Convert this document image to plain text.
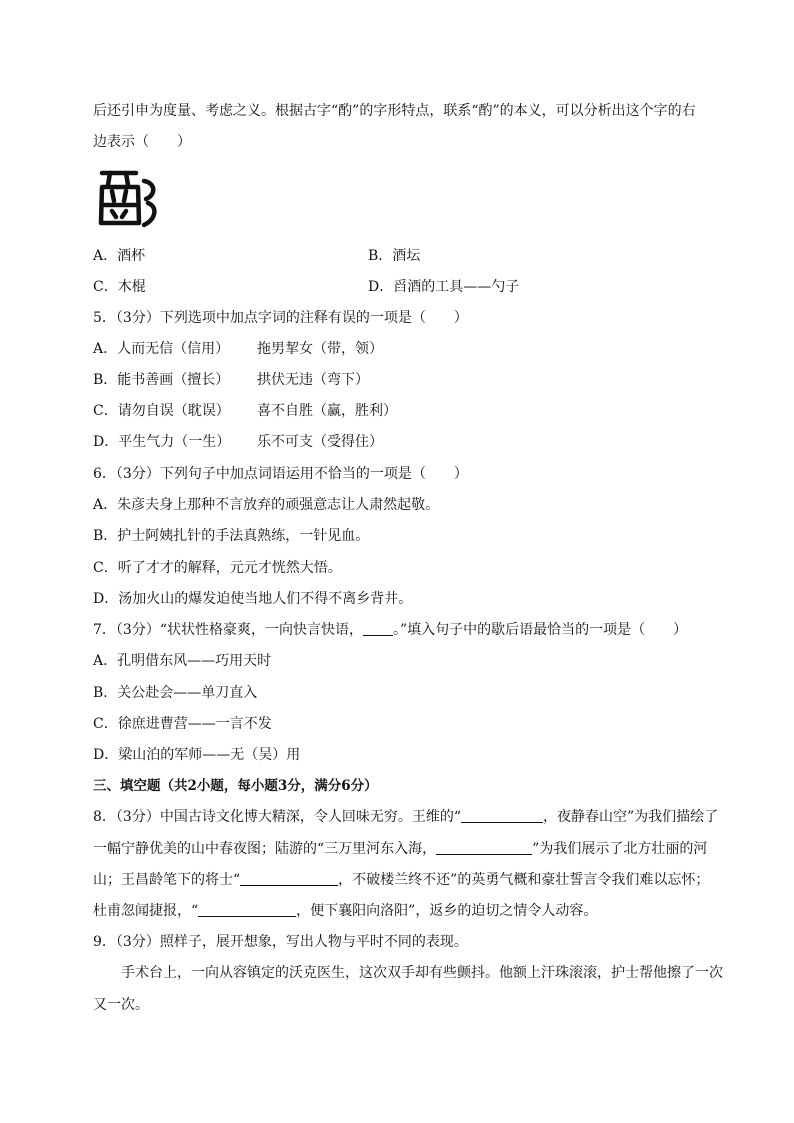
后还引申为度量、考虑之义。根据古字“酌”的字形特点，联系“酌”的本义，可以分析出这个字的右
边表示（　　）
A．酒杯	B．酒坛
C．木棍	D．舀酒的工具——勺子
5．（3分）下列选项中加点字词的注释有误的一项是（　　）
A．人而无信（信用） 拖男挈女（带，领）
B．能书善画（擅长） 拱伏无违（弯下）
C．请勿自误（耽误） 喜不自胜（赢，胜利）
D．平生气力（一生） 乐不可支（受得住）
6．（3分）下列句子中加点词语运用不恰当的一项是（　　）
A．朱彦夫身上那种不言放弃的顽强意志让人肃然起敬。
B．护士阿姨扎针的手法真熟练，一针见血。
C．听了才才的解释，元元才恍然大悟。
D．汤加火山的爆发迫使当地人们不得不离乡背井。
7．（3分）“状状性格豪爽，一向快言快语， 。”填入句子中的歇后语最恰当的一项是（　　）
A．孔明借东风——巧用天时
B．关公赴会——单刀直入
C．徐庶进曹营——一言不发
D．梁山泊的军师——无（吴）用
三、填空题（共2小题，每小题3分，满分6分）
8．（3分）中国古诗文化博大精深，令人回味无穷。王维的“	，夜静春山空”为我们描绘了
一幅宁静优美的山中春夜图；陆游的“三万里河东入海，	”为我们展示了北方壮丽的河
山；王昌龄笔下的将士“	，不破楼兰终不还”的英勇气概和豪壮誓言令我们难以忘怀；
杜甫忽闻捷报，“	，便下襄阳向洛阳”，返乡的迫切之情令人动容。
9．（3分）照样子，展开想象，写出人物与平时不同的表现。
手术台上，一向从容镇定的沃克医生，这次双手却有些颤抖。他额上汗珠滚滚，护士帮他擦了一次
又一次。
